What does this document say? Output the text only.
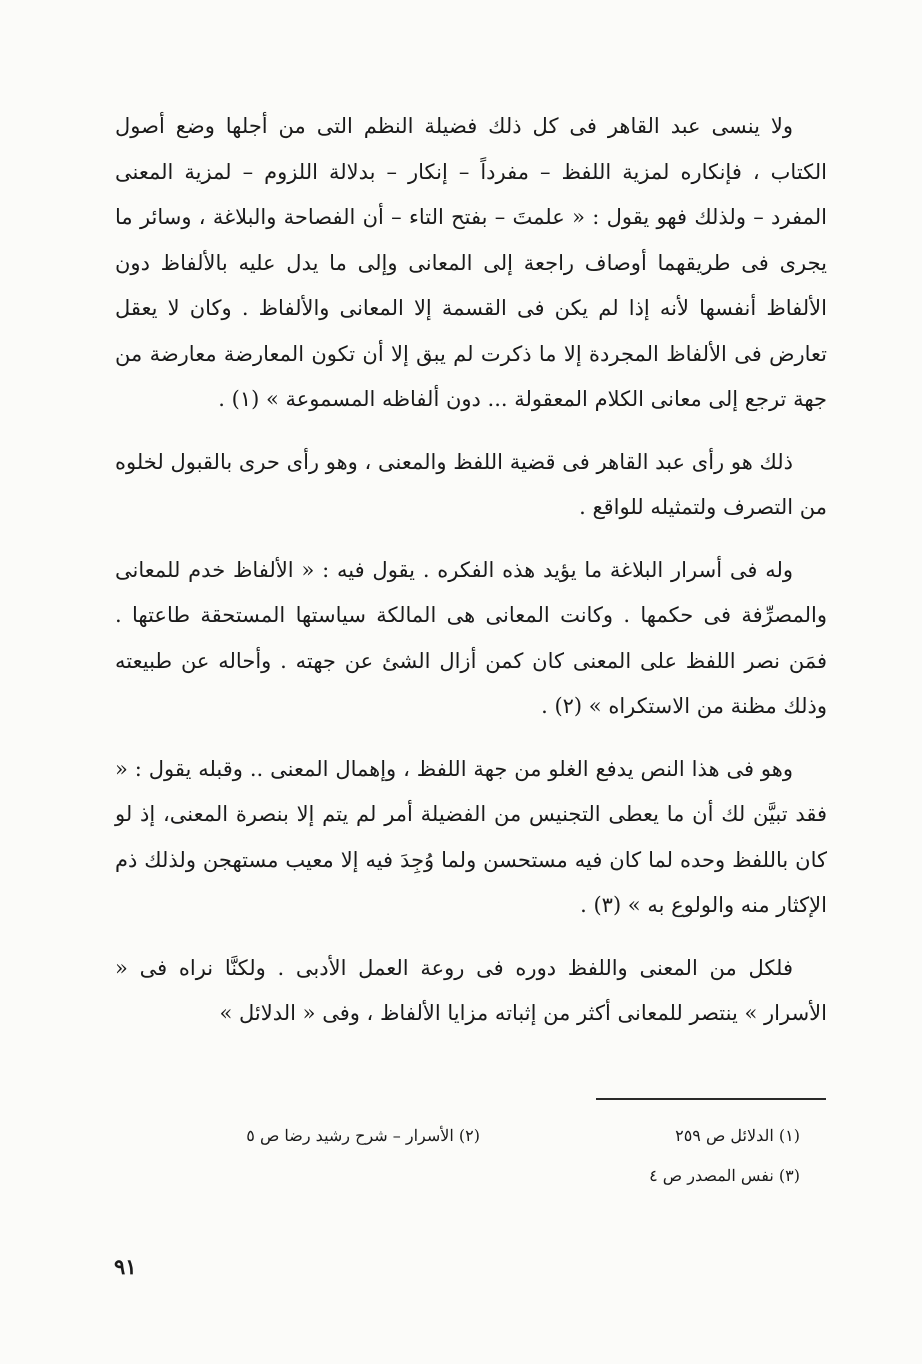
ولا ينسى عبد القاهر فى كل ذلك فضيلة النظم التى من أجلها وضع أصول الكتاب ، فإنكاره لمزية اللفظ – مفرداً – إنكار – بدلالة اللزوم – لمزية المعنى المفرد – ولذلك فهو يقول : « علمتَ – بفتح التاء – أن الفصاحة والبلاغة ، وسائر ما يجرى فى طريقهما أوصاف راجعة إلى المعانى وإلى ما يدل عليه بالألفاظ دون الألفاظ أنفسها لأنه إذا لم يكن فى القسمة إلا المعانى والألفاظ . وكان لا يعقل تعارض فى الألفاظ المجردة إلا ما ذكرت لم يبق إلا أن تكون المعارضة معارضة من جهة ترجع إلى معانى الكلام المعقولة ... دون ألفاظه المسموعة » (١) .

ذلك هو رأى عبد القاهر فى قضية اللفظ والمعنى ، وهو رأى حرى بالقبول لخلوه من التصرف ولتمثيله للواقع .

وله فى أسرار البلاغة ما يؤيد هذه الفكره . يقول فيه : « الألفاظ خدم للمعانى والمصرِّفة فى حكمها . وكانت المعانى هى المالكة سياستها المستحقة طاعتها . فمَن نصر اللفظ على المعنى كان كمن أزال الشئ عن جهته . وأحاله عن طبيعته وذلك مظنة من الاستكراه » (٢) .

وهو فى هذا النص يدفع الغلو من جهة اللفظ ، وإهمال المعنى .. وقبله يقول : « فقد تبيَّن لك أن ما يعطى التجنيس من الفضيلة أمر لم يتم إلا بنصرة المعنى، إذ لو كان باللفظ وحده لما كان فيه مستحسن ولما وُجِدَ فيه إلا معيب مستهجن ولذلك ذم الإكثار منه والولوع به » (٣) .

فلكل من المعنى واللفظ دوره فى روعة العمل الأدبى . ولكنَّا نراه فى « الأسرار » ينتصر للمعانى أكثر من إثباته مزايا الألفاظ ، وفى « الدلائل »

(١) الدلائل ص ٢٥٩
(٢) الأسرار – شرح رشيد رضا ص ٥
(٣) نفس المصدر ص ٤
٩١
